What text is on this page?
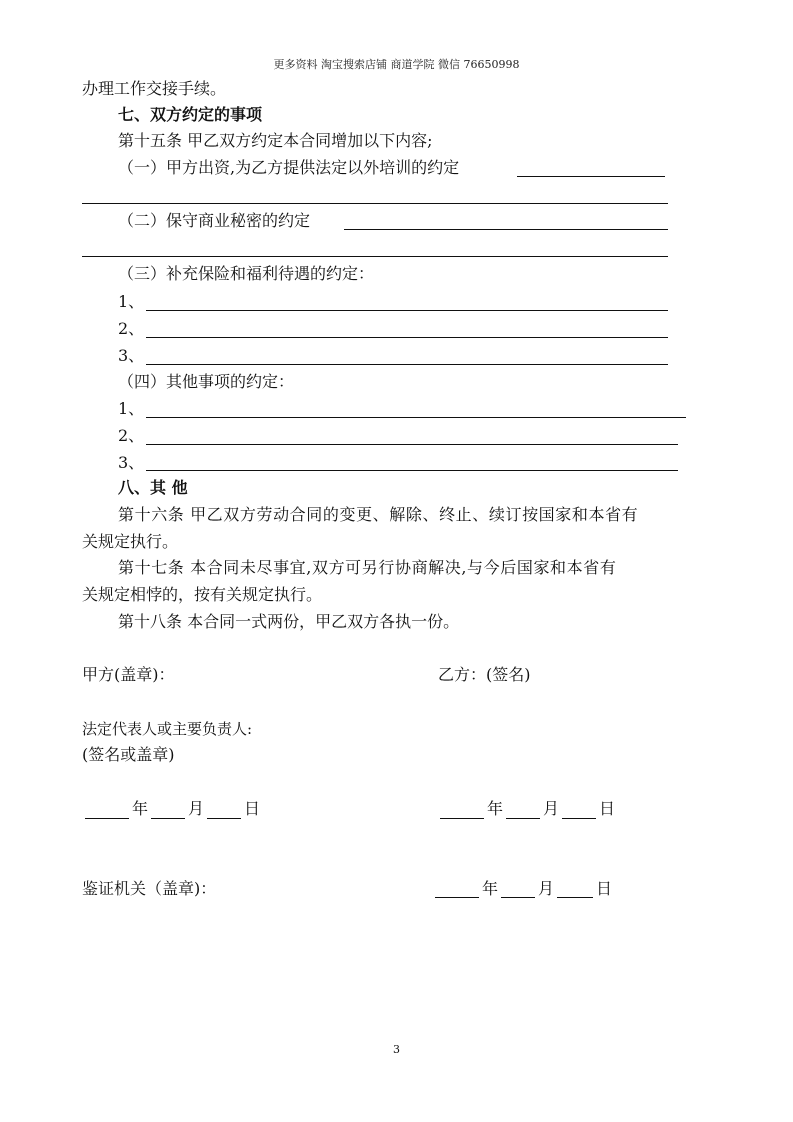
更多资料 淘宝搜索店铺 商道学院 微信 76650998
办理工作交接手续。
七、双方约定的事项
第十五条 甲乙双方约定本合同增加以下内容;
（一）甲方出资,为乙方提供法定以外培训的约定
（二）保守商业秘密的约定
（三）补充保险和福利待遇的约定：
1、
2、
3、
（四）其他事项的约定：
1、
2、
3、
八、其 他
第十六条 甲乙双方劳动合同的变更、解除、终止、续订按国家和本省有
关规定执行。
第十七条 本合同未尽事宜,双方可另行协商解决,与今后国家和本省有
关规定相悖的，按有关规定执行。
第十八条 本合同一式两份，甲乙双方各执一份。
甲方(盖章)：	乙方：(签名)
法定代表人或主要负责人:
(签名或盖章)
年 月 日	年 月 日
鉴证机关（盖章)：	年 月	日
3
